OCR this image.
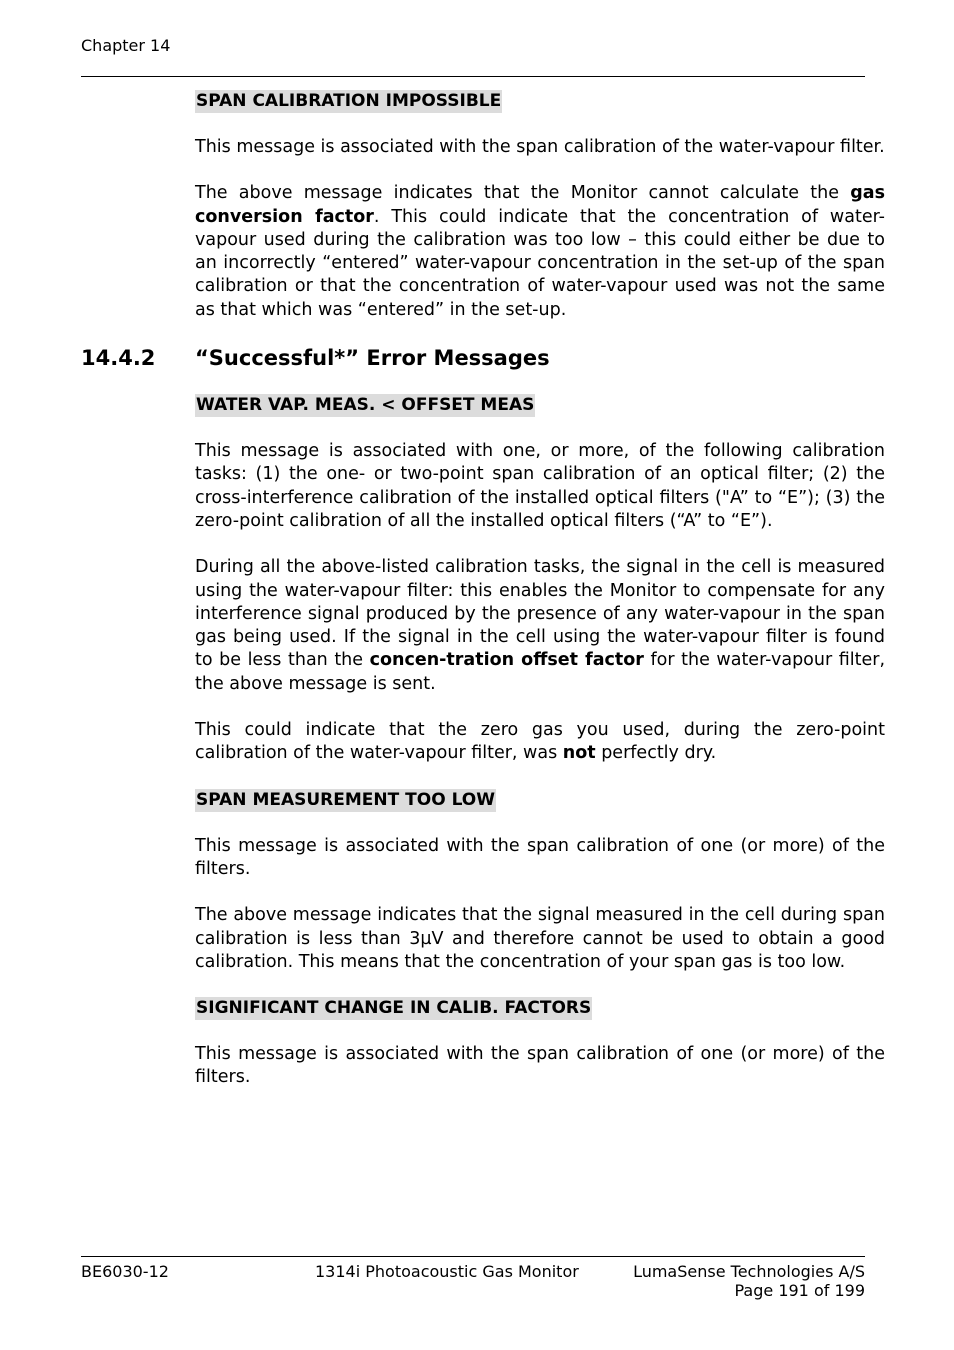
Chapter 14
SPAN CALIBRATION IMPOSSIBLE

This message is associated with the span calibration of the water-vapour filter.

The above message indicates that the Monitor cannot calculate the gas conversion factor. This could indicate that the concentration of water-vapour used during the calibration was too low – this could either be due to an incorrectly “entered” water-vapour concentration in the set-up of the span calibration or that the concentration of water-vapour used was not the same as that which was “entered” in the set-up.

14.4.2 “Successful*” Error Messages
WATER VAP. MEAS. < OFFSET MEAS

This message is associated with one, or more, of the following calibration tasks: (1) the one- or two-point span calibration of an optical filter; (2) the cross-interference calibration of the installed optical filters ("A” to “E”); (3) the zero-point calibration of all the installed optical filters (“A” to “E”).

During all the above-listed calibration tasks, the signal in the cell is measured using the water-vapour filter: this enables the Monitor to compensate for any interference signal produced by the presence of any water-vapour in the span gas being used. If the signal in the cell using the water-vapour filter is found to be less than the concen-tration offset factor for the water-vapour filter, the above message is sent.

This could indicate that the zero gas you used, during the zero-point calibration of the water-vapour filter, was not perfectly dry.

SPAN MEASUREMENT TOO LOW

This message is associated with the span calibration of one (or more) of the filters.

The above message indicates that the signal measured in the cell during span calibration is less than 3µV and therefore cannot be used to obtain a good calibration. This means that the concentration of your span gas is too low.

SIGNIFICANT CHANGE IN CALIB. FACTORS

This message is associated with the span calibration of one (or more) of the filters.

BE6030-12	1314i Photoacoustic Gas Monitor	LumaSense Technologies A/S
Page 191 of 199
